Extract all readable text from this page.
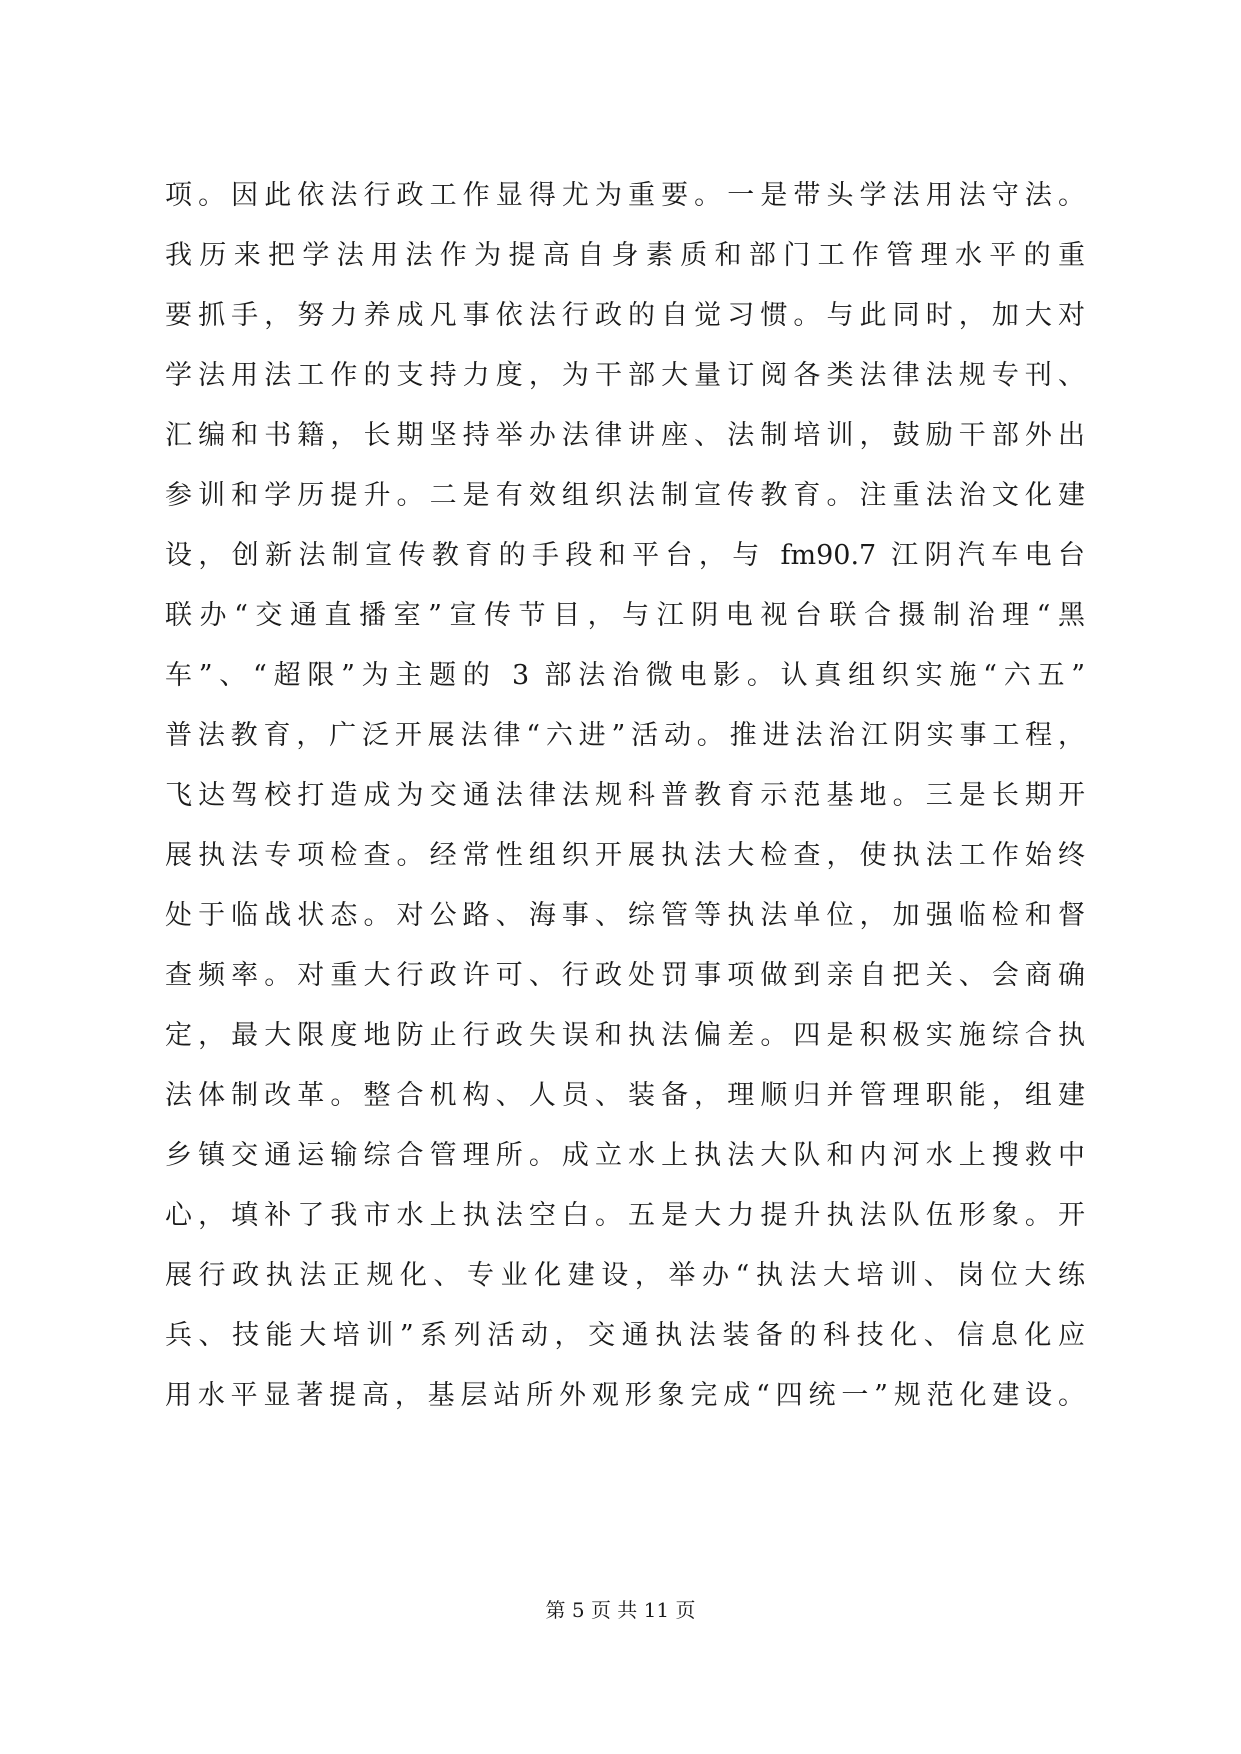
项。因此依法行政工作显得尤为重要。一是带头学法用法守法。
我历来把学法用法作为提高自身素质和部门工作管理水平的重
要抓手，努力养成凡事依法行政的自觉习惯。与此同时，加大对
学法用法工作的支持力度，为干部大量订阅各类法律法规专刊、
汇编和书籍，长期坚持举办法律讲座、法制培训，鼓励干部外出
参训和学历提升。二是有效组织法制宣传教育。注重法治文化建
设，创新法制宣传教育的手段和平台，与 fm90.7 江阴汽车电台
联办“交通直播室”宣传节目，与江阴电视台联合摄制治理“黑
车”、“超限”为主题的 3 部法治微电影。认真组织实施“六五”
普法教育，广泛开展法律“六进”活动。推进法治江阴实事工程，
飞达驾校打造成为交通法律法规科普教育示范基地。三是长期开
展执法专项检查。经常性组织开展执法大检查，使执法工作始终
处于临战状态。对公路、海事、综管等执法单位，加强临检和督
查频率。对重大行政许可、行政处罚事项做到亲自把关、会商确
定，最大限度地防止行政失误和执法偏差。四是积极实施综合执
法体制改革。整合机构、人员、装备，理顺归并管理职能，组建
乡镇交通运输综合管理所。成立水上执法大队和内河水上搜救中
心，填补了我市水上执法空白。五是大力提升执法队伍形象。开
展行政执法正规化、专业化建设，举办“执法大培训、岗位大练
兵、技能大培训”系列活动，交通执法装备的科技化、信息化应
用水平显著提高，基层站所外观形象完成“四统一”规范化建设。
第 5 页 共 11 页
